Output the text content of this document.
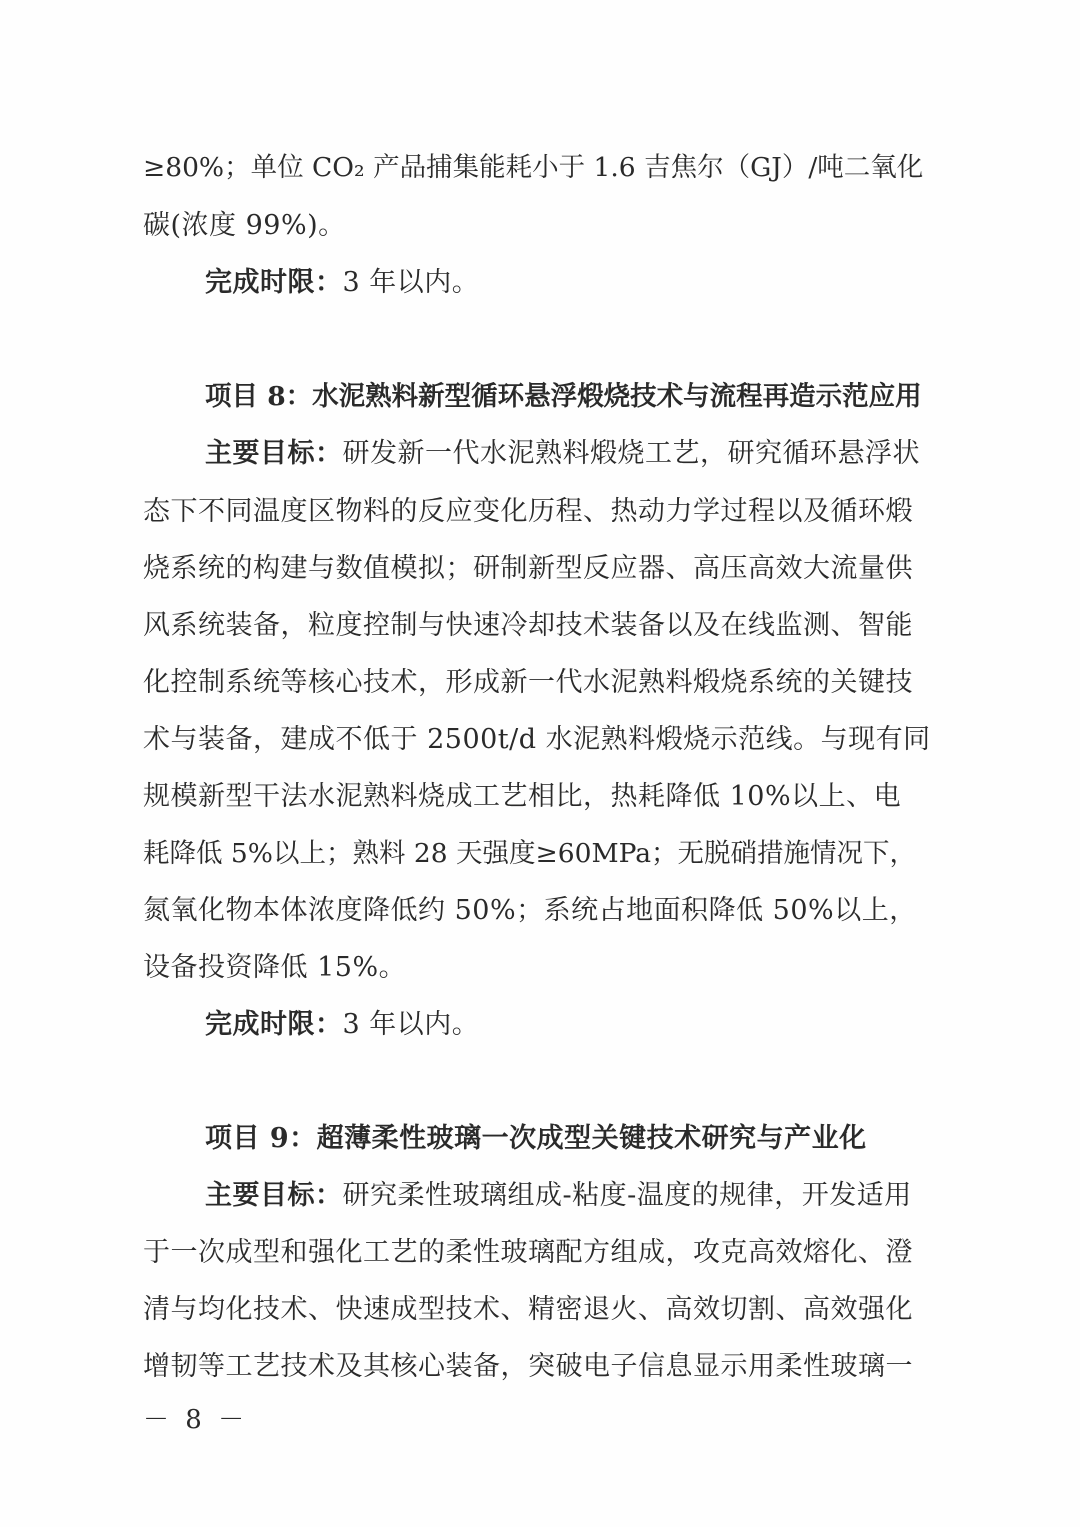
≥80%；单位 CO₂ 产品捕集能耗小于 1.6 吉焦尔（GJ）/吨二氧化
碳(浓度 99%)。
完成时限：3 年以内。
项目 8：水泥熟料新型循环悬浮煅烧技术与流程再造示范应用
主要目标：研发新一代水泥熟料煅烧工艺，研究循环悬浮状
态下不同温度区物料的反应变化历程、热动力学过程以及循环煅
烧系统的构建与数值模拟；研制新型反应器、高压高效大流量供
风系统装备，粒度控制与快速冷却技术装备以及在线监测、智能
化控制系统等核心技术，形成新一代水泥熟料煅烧系统的关键技
术与装备，建成不低于 2500t/d 水泥熟料煅烧示范线。与现有同
规模新型干法水泥熟料烧成工艺相比，热耗降低 10%以上、电
耗降低 5%以上；熟料 28 天强度≥60MPa；无脱硝措施情况下，
氮氧化物本体浓度降低约 50%；系统占地面积降低 50%以上，
设备投资降低 15%。
完成时限：3 年以内。
项目 9：超薄柔性玻璃一次成型关键技术研究与产业化
主要目标：研究柔性玻璃组成-粘度-温度的规律，开发适用
于一次成型和强化工艺的柔性玻璃配方组成，攻克高效熔化、澄
清与均化技术、快速成型技术、精密退火、高效切割、高效强化
增韧等工艺技术及其核心装备，突破电子信息显示用柔性玻璃一
－ 8 －
